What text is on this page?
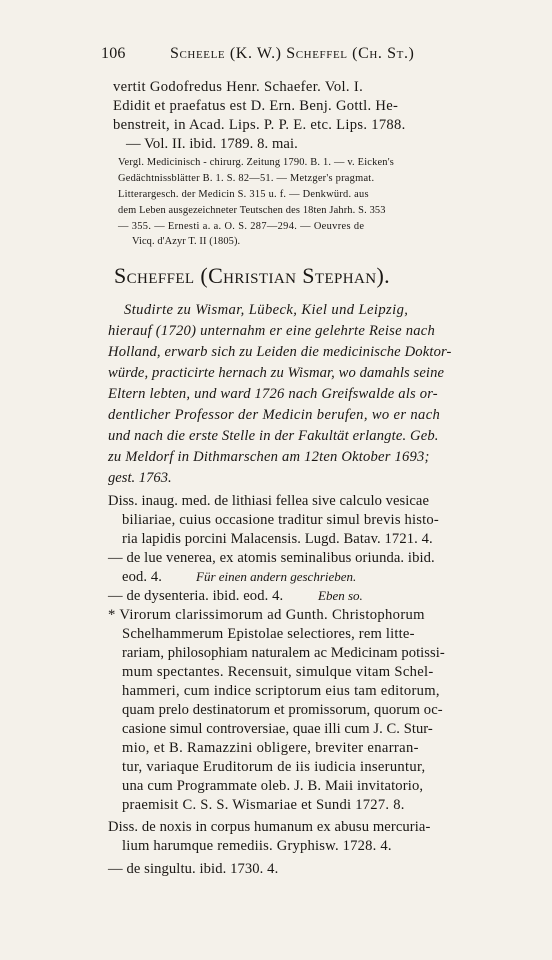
106	Scheele (K. W.) Scheffel (Ch. St.)
vertit Godofredus Henr. Schaefer. Vol. I.
Edidit et praefatus est D. Ern. Benj. Gottl. He-
benstreit, in Acad. Lips. P. P. E. etc. Lips. 1788.
— Vol. II. ibid. 1789. 8. mai.
Vergl. Medicinisch - chirurg. Zeitung 1790. B. 1. — v. Eicken's
Gedächtnissblätter B. 1. S. 82—51. — Metzger's pragmat.
Litterargesch. der Medicin S. 315 u. f. — Denkwürd. aus
dem Leben ausgezeichneter Teutschen des 18ten Jahrh. S. 353
— 355. — Ernesti a. a. O. S. 287—294. — Oeuvres de
Vicq. d'Azyr T. II (1805).
Scheffel (Christian Stephan).
Studirte zu Wismar, Lübeck, Kiel und Leipzig,
hierauf (1720) unternahm er eine gelehrte Reise nach
Holland, erwarb sich zu Leiden die medicinische Doktor-
würde, practicirte hernach zu Wismar, wo damahls seine
Eltern lebten, und ward 1726 nach Greifswalde als or-
dentlicher Professor der Medicin berufen, wo er nach
und nach die erste Stelle in der Fakultät erlangte. Geb.
zu Meldorf in Dithmarschen am 12ten Oktober 1693;
gest. 1763.
Diss. inaug. med. de lithiasi fellea sive calculo vesicae
biliariae, cuius occasione traditur simul brevis histo-
ria lapidis porcini Malacensis. Lugd. Batav. 1721. 4.
— de lue venerea, ex atomis seminalibus oriunda. ibid.
eod. 4.	Für einen andern geschrieben.
— de dysenteria. ibid. eod. 4.	Eben so.
* Virorum clarissimorum ad Gunth. Christophorum
Schelhammerum Epistolae selectiores, rem litte-
rariam, philosophiam naturalem ac Medicinam potissi-
mum spectantes. Recensuit, simulque vitam Schel-
hammeri, cum indice scriptorum eius tam editorum,
quam prelo destinatorum et promissorum, quorum oc-
casione simul controversiae, quae illi cum J. C. Stur-
mio, et B. Ramazzini obligere, breviter enarran-
tur, variaque Eruditorum de iis iudicia inseruntur,
una cum Programmate oleb. J. B. Maii invitatorio,
praemisit C. S. S. Wismariae et Sundi 1727. 8.
Diss. de noxis in corpus humanum ex abusu mercuria-
lium harumque remediis. Gryphisw. 1728. 4.
— de singultu. ibid. 1730. 4.
